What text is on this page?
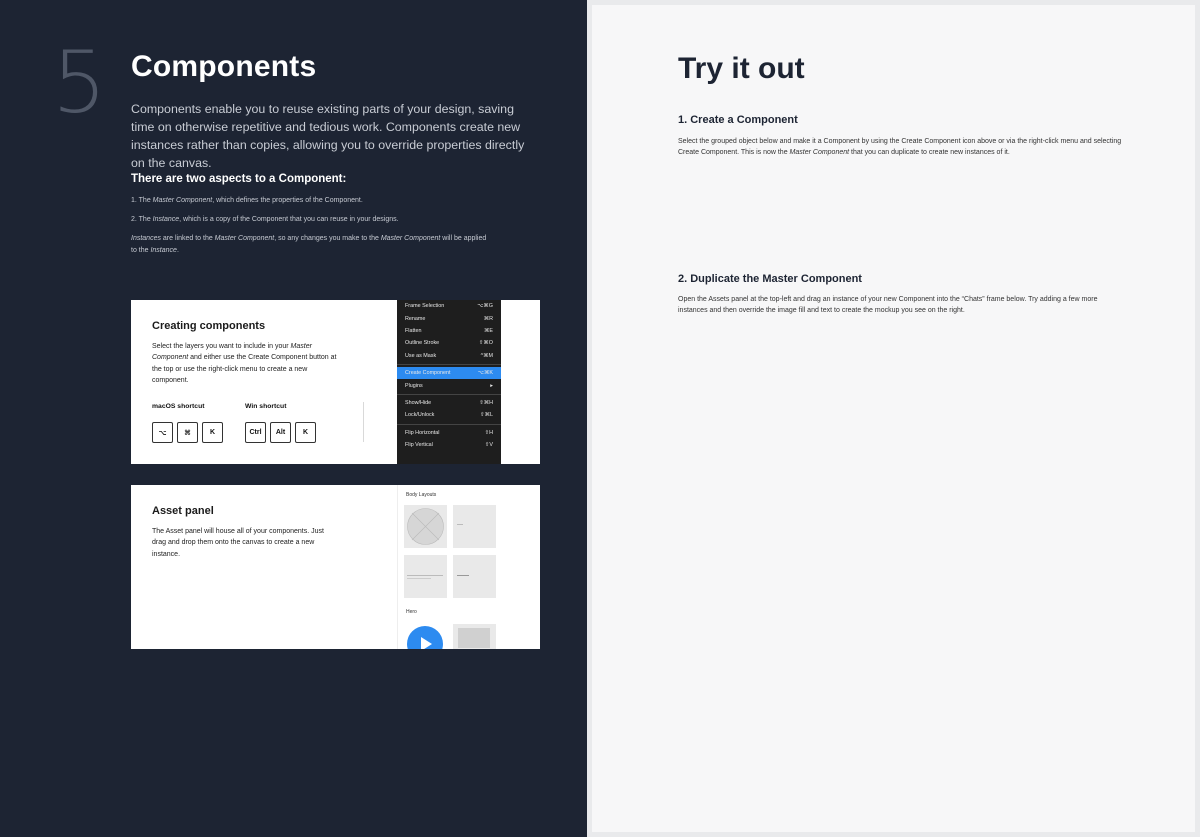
5 Components
Components enable you to reuse existing parts of your design, saving time on otherwise repetitive and tedious work. Components create new instances rather than copies, allowing you to override properties directly on the canvas.
There are two aspects to a Component:
1. The Master Component, which defines the properties of the Component.
2. The Instance, which is a copy of the Component that you can reuse in your designs.
Instances are linked to the Master Component, so any changes you make to the Master Component will be applied to the Instance.
Creating components
Select the layers you want to include in your Master Component and either use the Create Component button at the top or use the right-click menu to create a new component.
macOS shortcut	Win shortcut
⌥	⌘	K	Ctrl	Alt	K
Frame Selection	⌥⌘G
Rename	⌘R
Flatten	⌘E
Outline Stroke	⇧⌘O
Use as Mask	^⌘M
Create Component	⌥⌘K
Plugins	▸
Show/Hide	⇧⌘H
Lock/Unlock	⇧⌘L
Flip Horizontal	⇧H
Flip Vertical	⇧V
Asset panel
The Asset panel will house all of your components. Just drag and drop them onto the canvas to create a new instance.
Body Layouts
Hero
Try it out
1. Create a Component
Select the grouped object below and make it a Component by using the Create Component icon above or via the right-click menu and selecting Create Component. This is now the Master Component that you can duplicate to create new instances of it.
2. Duplicate the Master Component
Open the Assets panel at the top-left and drag an instance of your new Component into the “Chats” frame below. Try adding a few more instances and then override the image fill and text to create the mockup you see on the right.
